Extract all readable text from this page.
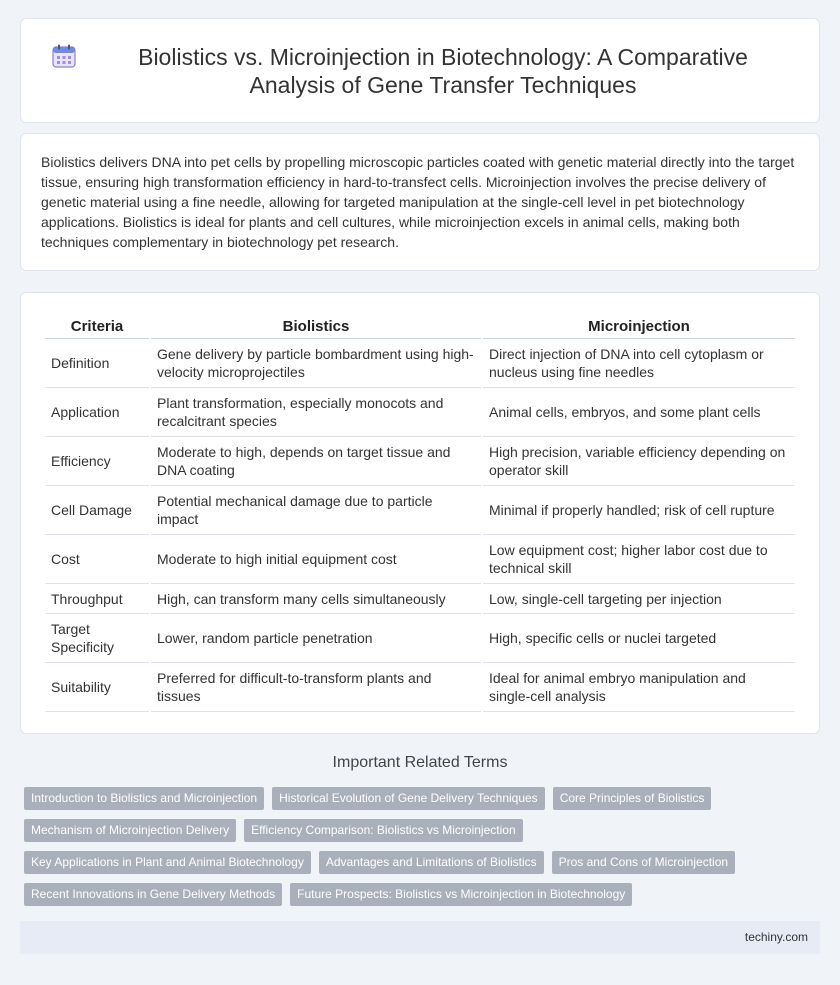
Biolistics vs. Microinjection in Biotechnology: A Comparative Analysis of Gene Transfer Techniques

Biolistics delivers DNA into pet cells by propelling microscopic particles coated with genetic material directly into the target tissue, ensuring high transformation efficiency in hard-to-transfect cells. Microinjection involves the precise delivery of genetic material using a fine needle, allowing for targeted manipulation at the single-cell level in pet biotechnology applications. Biolistics is ideal for plants and cell cultures, while microinjection excels in animal cells, making both techniques complementary in biotechnology pet research.

Criteria	Biolistics	Microinjection
Definition	Gene delivery by particle bombardment using high-velocity microprojectiles	Direct injection of DNA into cell cytoplasm or nucleus using fine needles
Application	Plant transformation, especially monocots and recalcitrant species	Animal cells, embryos, and some plant cells
Efficiency	Moderate to high, depends on target tissue and DNA coating	High precision, variable efficiency depending on operator skill
Cell Damage	Potential mechanical damage due to particle impact	Minimal if properly handled; risk of cell rupture
Cost	Moderate to high initial equipment cost	Low equipment cost; higher labor cost due to technical skill
Throughput	High, can transform many cells simultaneously	Low, single-cell targeting per injection
Target Specificity	Lower, random particle penetration	High, specific cells or nuclei targeted
Suitability	Preferred for difficult-to-transform plants and tissues	Ideal for animal embryo manipulation and single-cell analysis
Important Related Terms
Introduction to Biolistics and Microinjection	Historical Evolution of Gene Delivery Techniques	Core Principles of Biolistics
Mechanism of Microinjection Delivery	Efficiency Comparison: Biolistics vs Microinjection
Key Applications in Plant and Animal Biotechnology	Advantages and Limitations of Biolistics	Pros and Cons of Microinjection
Recent Innovations in Gene Delivery Methods	Future Prospects: Biolistics vs Microinjection in Biotechnology
techiny.com
